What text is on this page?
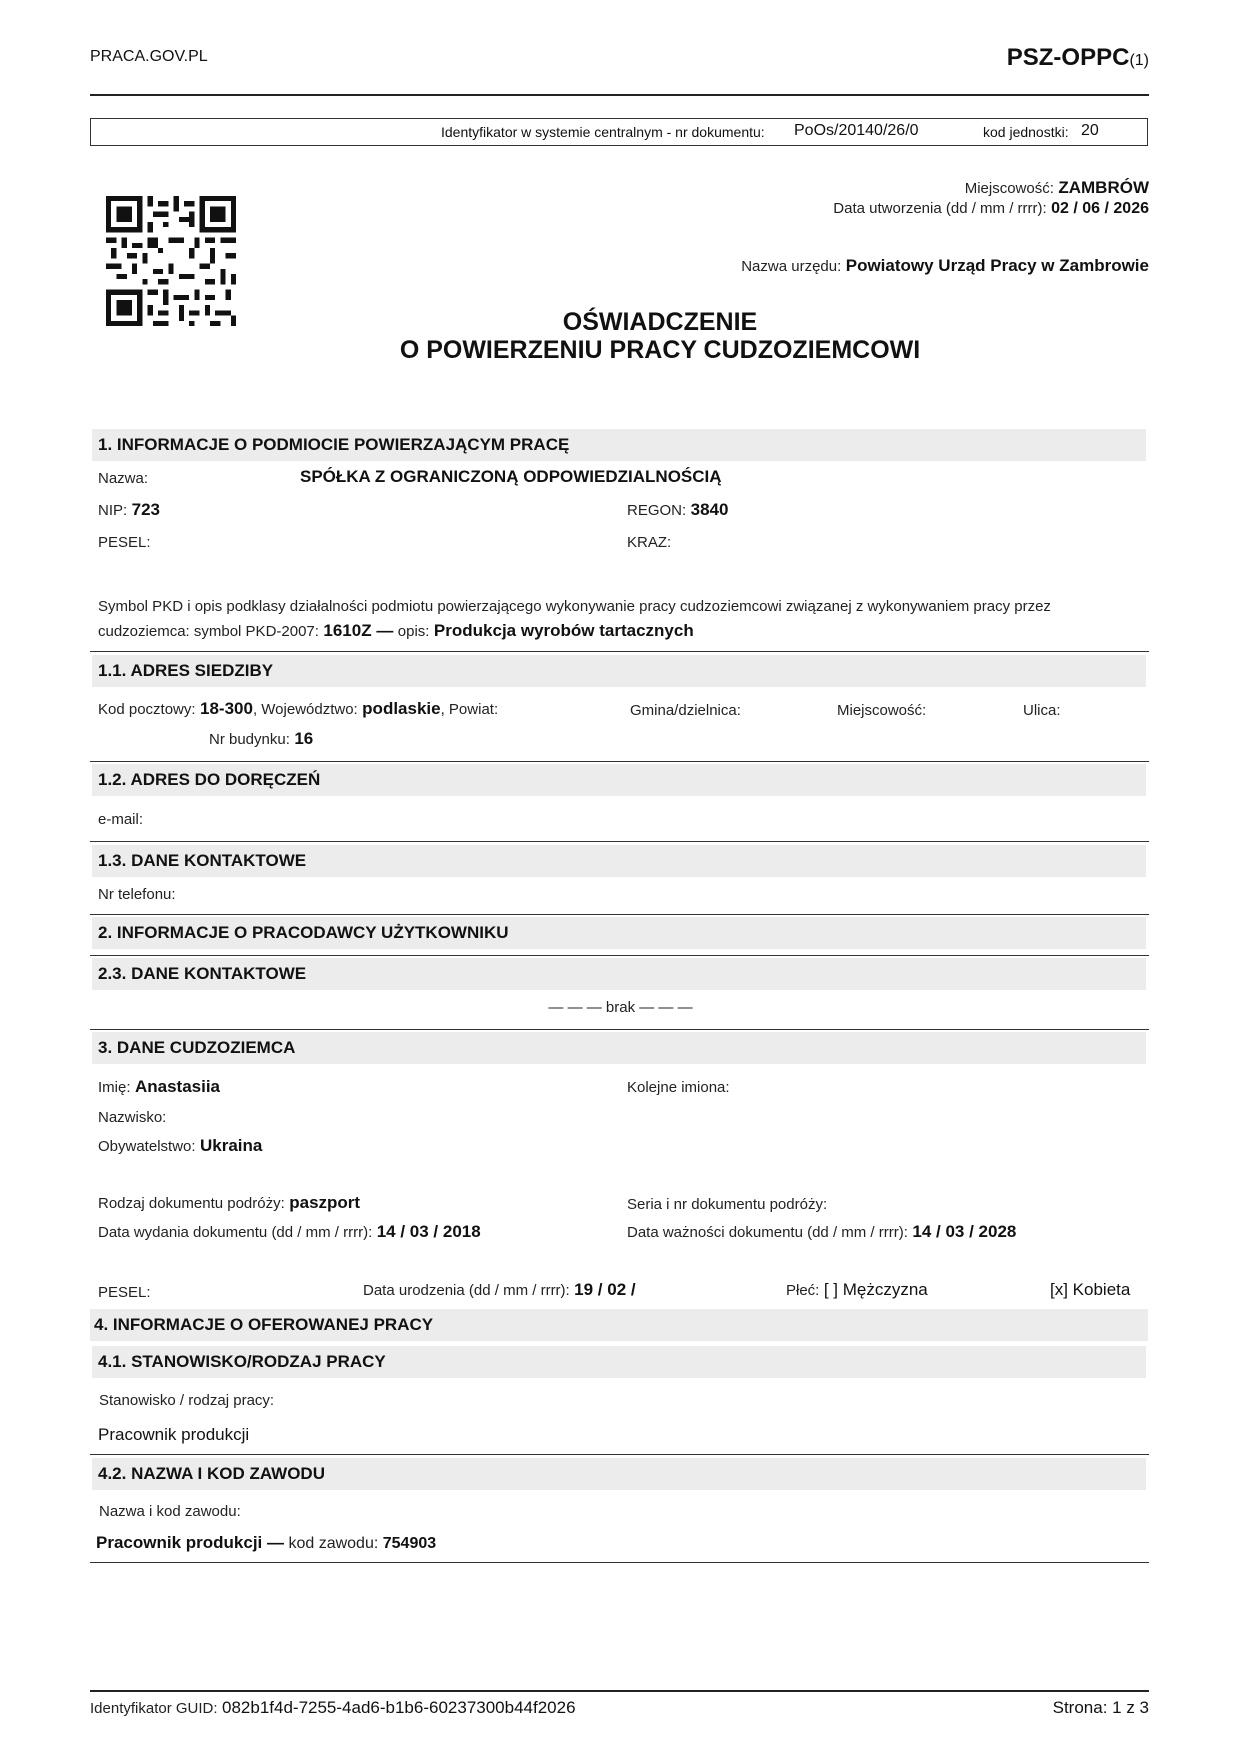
PRACA.GOV.PL	PSZ-OPPC(1)
Identyfikator w systemie centralnym - nr dokumentu: PoOs/20140/26/0	kod jednostki: 20
Miejscowość: ZAMBRÓW
Data utworzenia (dd / mm / rrrr): 02 / 06 / 2026
Nazwa urzędu: Powiatowy Urząd Pracy w Zambrowie
OŚWIADCZENIE
O POWIERZENIU PRACY CUDZOZIEMCOWI
1. INFORMACJE O PODMIOCIE POWIERZAJĄCYM PRACĘ
Nazwa:	SPÓŁKA Z OGRANICZONĄ ODPOWIEDZIALNOŚCIĄ
NIP: 723	REGON: 3840
PESEL:	KRAZ:
Symbol PKD i opis podklasy działalności podmiotu powierzającego wykonywanie pracy cudzoziemcowi związanej z wykonywaniem pracy przez
cudzoziemca: symbol PKD-2007: 1610Z — opis: Produkcja wyrobów tartacznych
1.1. ADRES SIEDZIBY
Kod pocztowy: 18-300, Województwo: podlaskie, Powiat:	Gmina/dzielnica:	Miejscowość:	Ulica:
Nr budynku: 16
1.2. ADRES DO DORĘCZEŃ
e-mail:
1.3. DANE KONTAKTOWE
Nr telefonu:
2. INFORMACJE O PRACODAWCY UŻYTKOWNIKU
2.3. DANE KONTAKTOWE
— — — brak — — —
3. DANE CUDZOZIEMCA
Imię: Anastasiia	Kolejne imiona:
Nazwisko:
Obywatelstwo: Ukraina
Rodzaj dokumentu podróży: paszport	Seria i nr dokumentu podróży:
Data wydania dokumentu (dd / mm / rrrr): 14 / 03 / 2018	Data ważności dokumentu (dd / mm / rrrr): 14 / 03 / 2028
PESEL:	Data urodzenia (dd / mm / rrrr): 19 / 02 /	Płeć: [ ] Mężczyzna	[x] Kobieta
4. INFORMACJE O OFEROWANEJ PRACY
4.1. STANOWISKO/RODZAJ PRACY
Stanowisko / rodzaj pracy:
Pracownik produkcji
4.2. NAZWA I KOD ZAWODU
Nazwa i kod zawodu:
Pracownik produkcji — kod zawodu: 754903
Identyfikator GUID: 082b1f4d-7255-4ad6-b1b6-60237300b44f2026	Strona: 1 z 3
